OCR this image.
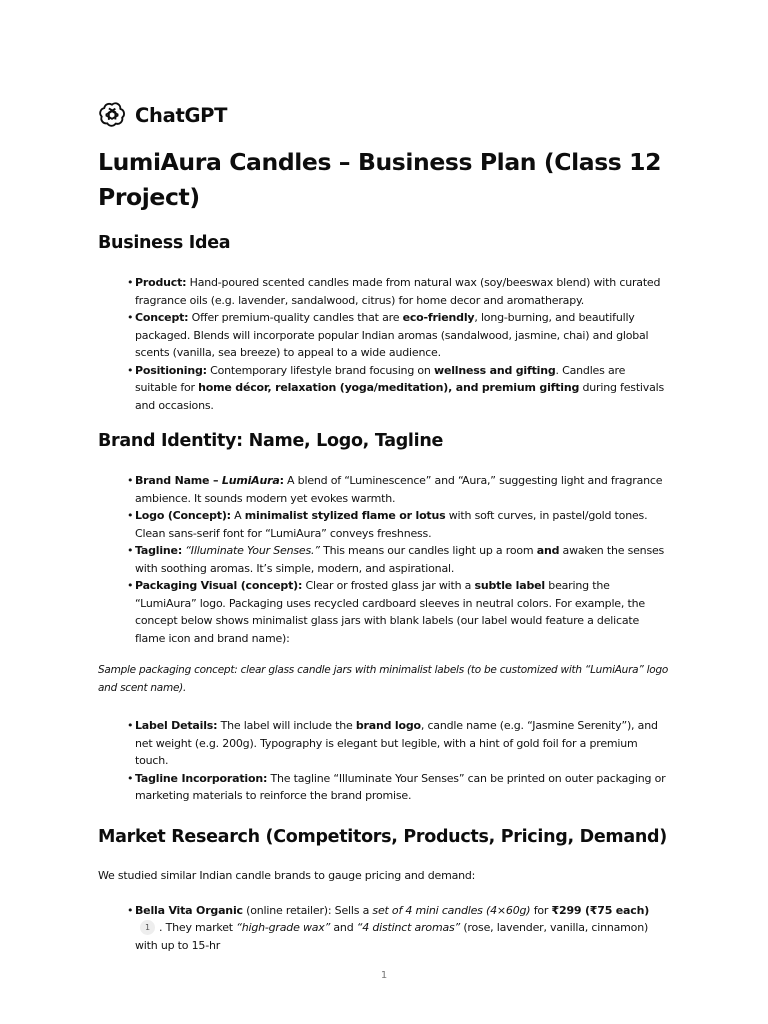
ChatGPT
LumiAura Candles – Business Plan (Class 12 Project)
Business Idea
• Product: Hand-poured scented candles made from natural wax (soy/beeswax blend) with curated fragrance oils (e.g. lavender, sandalwood, citrus) for home decor and aromatherapy.
• Concept: Offer premium-quality candles that are eco-friendly, long-burning, and beautifully packaged. Blends will incorporate popular Indian aromas (sandalwood, jasmine, chai) and global scents (vanilla, sea breeze) to appeal to a wide audience.
• Positioning: Contemporary lifestyle brand focusing on wellness and gifting. Candles are suitable for home décor, relaxation (yoga/meditation), and premium gifting during festivals and occasions.
Brand Identity: Name, Logo, Tagline
• Brand Name – LumiAura: A blend of “Luminescence” and “Aura,” suggesting light and fragrance ambience. It sounds modern yet evokes warmth.
• Logo (Concept): A minimalist stylized flame or lotus with soft curves, in pastel/gold tones. Clean sans-serif font for “LumiAura” conveys freshness.
• Tagline: “Illuminate Your Senses.” This means our candles light up a room and awaken the senses with soothing aromas. It’s simple, modern, and aspirational.
• Packaging Visual (concept): Clear or frosted glass jar with a subtle label bearing the “LumiAura” logo. Packaging uses recycled cardboard sleeves in neutral colors. For example, the concept below shows minimalist glass jars with blank labels (our label would feature a delicate flame icon and brand name):

Sample packaging concept: clear glass candle jars with minimalist labels (to be customized with “LumiAura” logo and scent name).

• Label Details: The label will include the brand logo, candle name (e.g. “Jasmine Serenity”), and net weight (e.g. 200g). Typography is elegant but legible, with a hint of gold foil for a premium touch.
• Tagline Incorporation: The tagline “Illuminate Your Senses” can be printed on outer packaging or marketing materials to reinforce the brand promise.
Market Research (Competitors, Products, Pricing, Demand)

We studied similar Indian candle brands to gauge pricing and demand:

• Bella Vita Organic (online retailer): Sells a set of 4 mini candles (4×60g) for ₹299 (₹75 each)1 . They market “high-grade wax” and “4 distinct aromas” (rose, lavender, vanilla, cinnamon) with up to 15-hr
1
